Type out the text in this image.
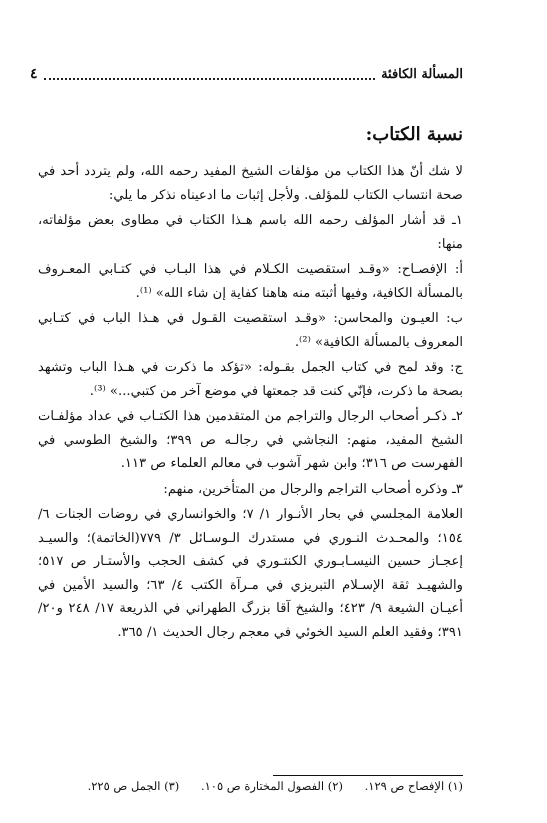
المسألة الكافئة
٤
نسبة الكتاب:

لا شك أنّ هذا الكتاب من مؤلفات الشيخ المفيد رحمه الله، ولم يتردد أحد في صحة انتساب الكتاب للمؤلف. ولأجل إثبات ما ادعيناه نذكر ما يلي:

١ـ قد أشار المؤلف رحمه الله باسم هـذا الكتاب في مطاوى بعض مؤلفاته، منها:

أ: الإفصـاح: «وقـد استقصيت الكـلام في هذا البـاب في كتـابي المعـروف بالمسألة الكافية، وفيها أثبته منه هاهنا كفاية إن شاء الله» ⁽¹⁾.

ب: العيـون والمحاسن: «وقـد استقصيت القـول في هـذا الباب في كتـابي المعروف بالمسألة الكافية» ⁽²⁾.

ج: وقد لمح في كتاب الجمل بقـوله: «تؤكد ما ذكرت في هـذا الباب وتشهد بصحة ما ذكرت، فإنّي كنت قد جمعتها في موضع آخر من كتبي...» ⁽³⁾.

٢ـ ذكـر أصحاب الرجال والتراجم من المتقدمين هذا الكتـاب في عداد مؤلفـات الشيخ المفيد، منهم: النجاشي في رجالـه ص ٣٩٩؛ والشيخ الطوسي في الفهرست ص ٣١٦؛ وابن شهر آشوب في معالم العلماء ص ١١٣.

٣ـ وذكره أصحاب التراجم والرجال من المتأخرين، منهم:

العلامة المجلسي في بحار الأنـوار ١/ ٧؛ والخوانساري في روضات الجنات ٦/ ١٥٤؛ والمحـدث النـوري في مستدرك الـوسـائل ٣/ ٧٧٩(الخاتمة)؛ والسيـد إعجـاز حسين النيسـابـوري الكنتـوري في كشف الحجب والأستـار ص ٥١٧؛ والشهيـد ثقة الإسـلام التبريزي في مـرآة الكتب ٤/ ٦٣؛ والسيد الأمين في أعيـان الشيعة ٩/ ٤٢٣؛ والشيخ آقا بزرگ الطهراني في الذريعة ١٧/ ٢٤٨ و٢٠/ ٣٩١؛ وفقيد العلم السيد الخوئي في معجم رجال الحديث ١/ ٣٦٥.

(١) الإفصاح ص ١٢٩. (٢) الفصول المختارة ص ١٠٥. (٣) الجمل ص ٢٢٥.
